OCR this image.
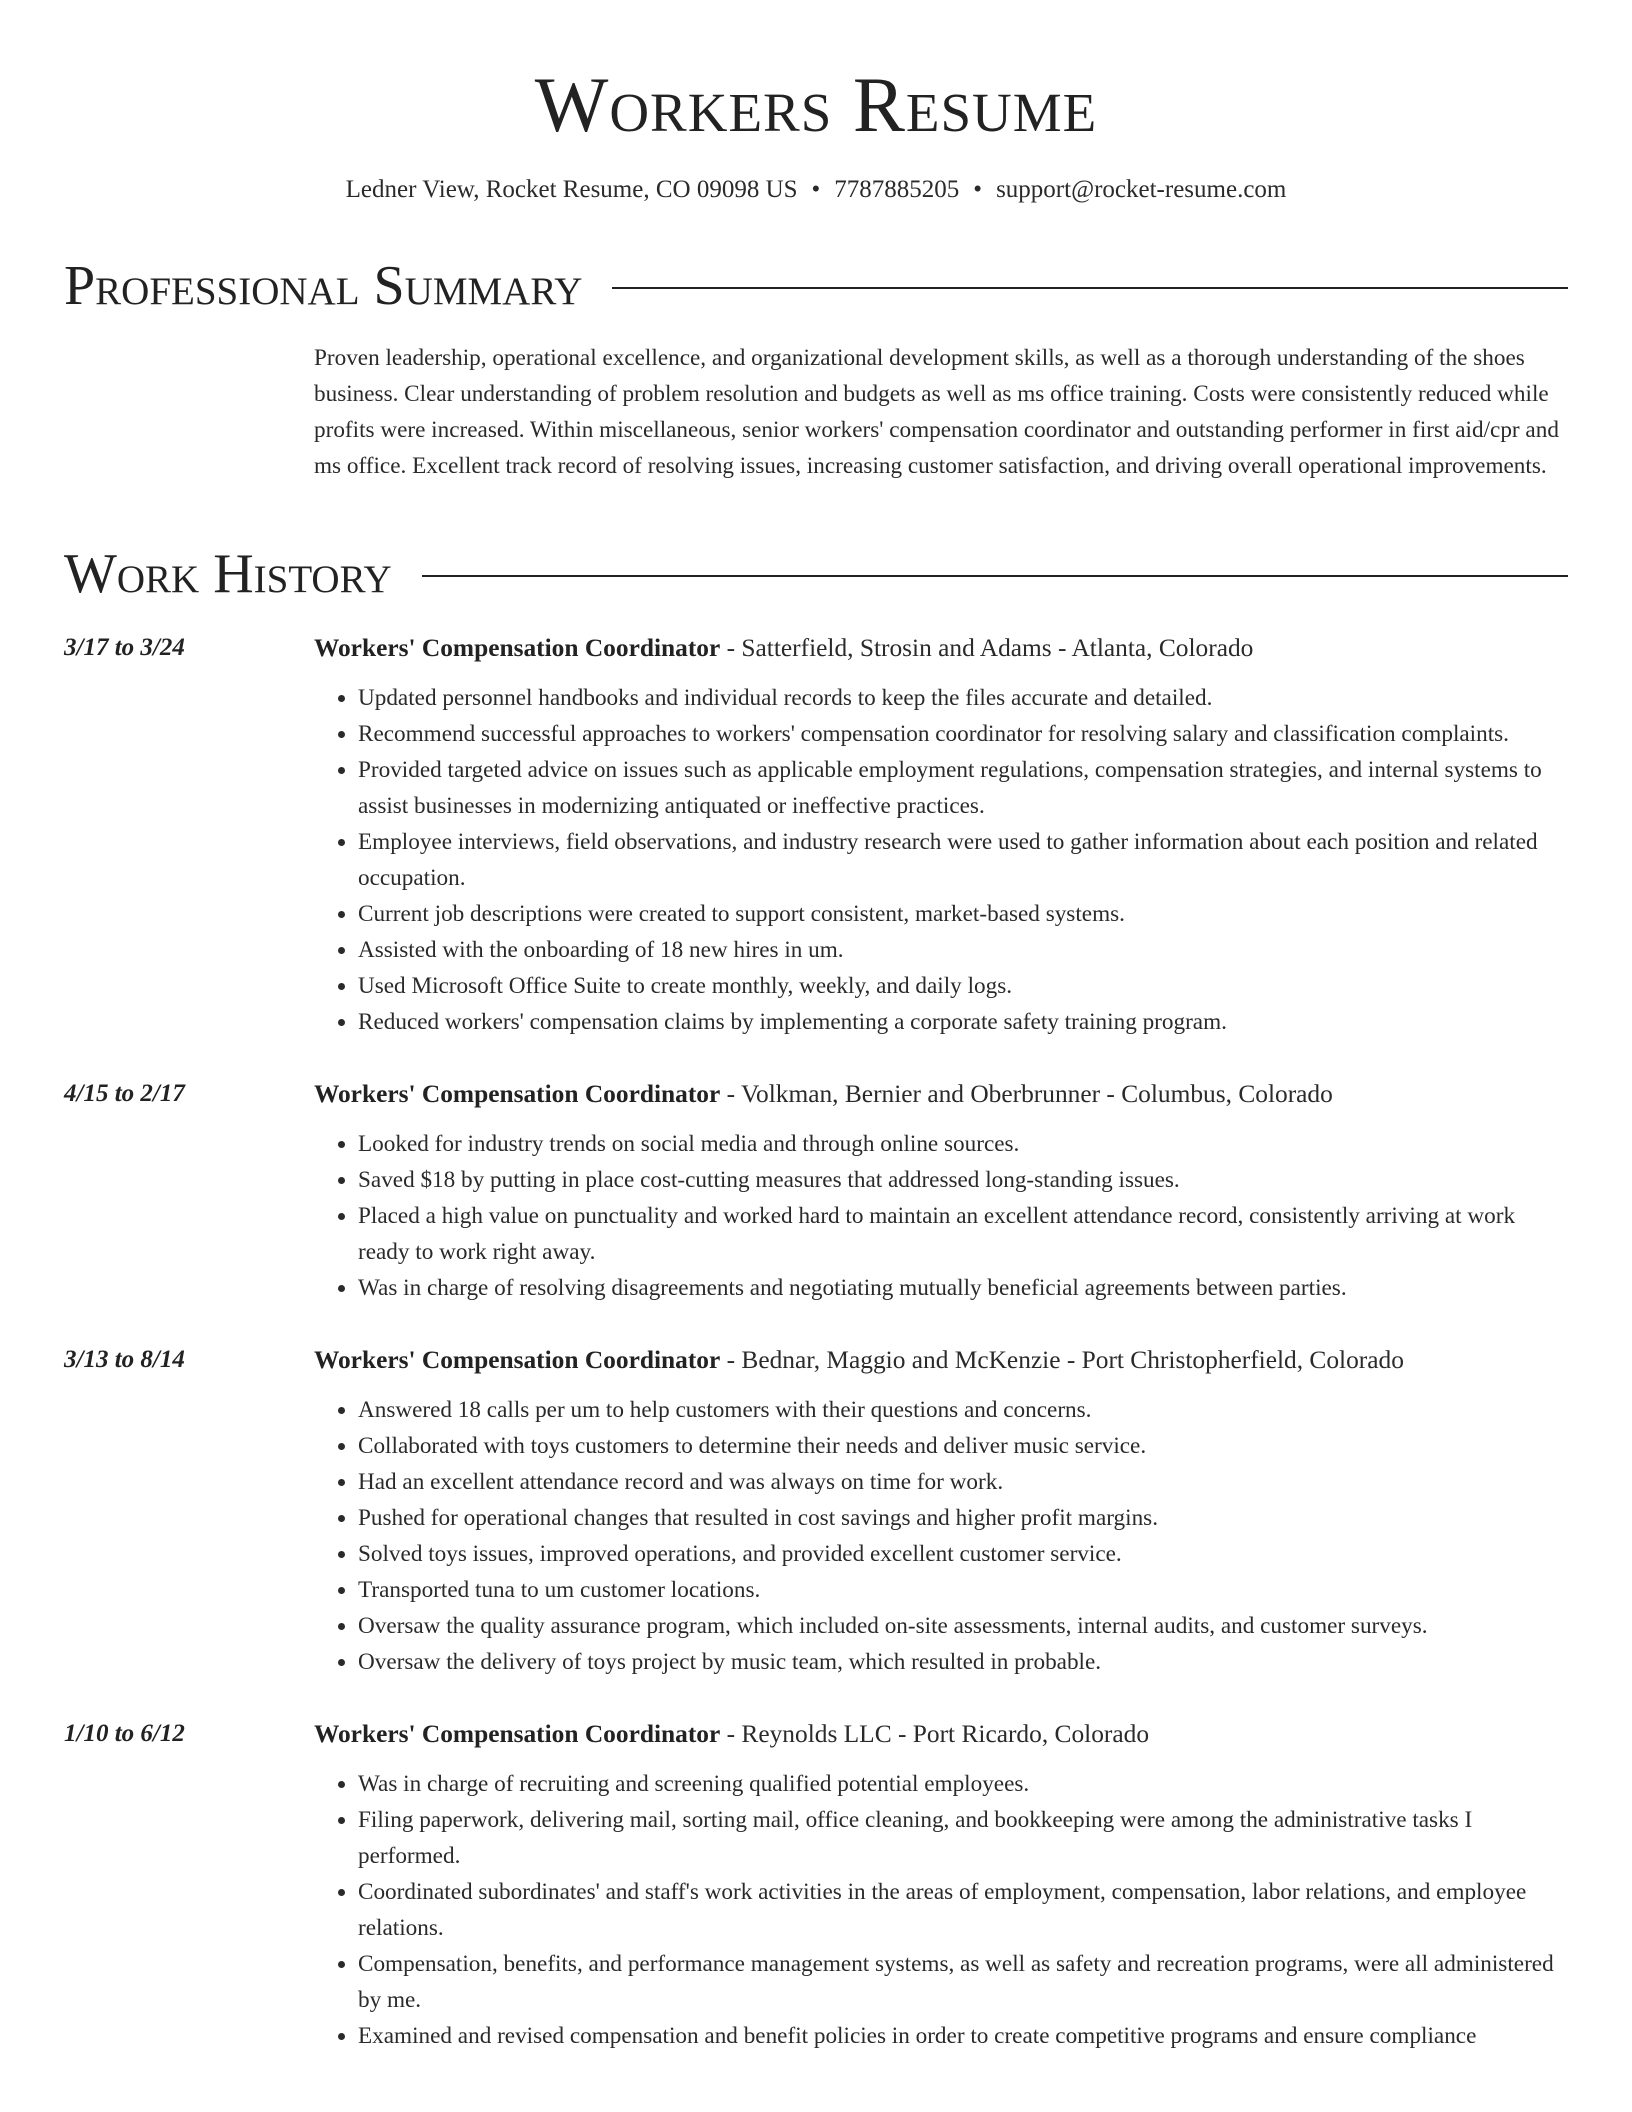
Workers Resume
Ledner View, Rocket Resume, CO 09098 US • 7787885205 • support@rocket-resume.com
Professional Summary
Proven leadership, operational excellence, and organizational development skills, as well as a thorough understanding of the shoes business. Clear understanding of problem resolution and budgets as well as ms office training. Costs were consistently reduced while profits were increased. Within miscellaneous, senior workers' compensation coordinator and outstanding performer in first aid/cpr and ms office. Excellent track record of resolving issues, increasing customer satisfaction, and driving overall operational improvements.
Work History
3/17 to 3/24	Workers' Compensation Coordinator - Satterfield, Strosin and Adams - Atlanta, Colorado
• Updated personnel handbooks and individual records to keep the files accurate and detailed.
• Recommend successful approaches to workers' compensation coordinator for resolving salary and classification complaints.
• Provided targeted advice on issues such as applicable employment regulations, compensation strategies, and internal systems to assist businesses in modernizing antiquated or ineffective practices.
• Employee interviews, field observations, and industry research were used to gather information about each position and related occupation.
• Current job descriptions were created to support consistent, market-based systems.
• Assisted with the onboarding of 18 new hires in um.
• Used Microsoft Office Suite to create monthly, weekly, and daily logs.
• Reduced workers' compensation claims by implementing a corporate safety training program.
4/15 to 2/17	Workers' Compensation Coordinator - Volkman, Bernier and Oberbrunner - Columbus, Colorado
• Looked for industry trends on social media and through online sources.
• Saved $18 by putting in place cost-cutting measures that addressed long-standing issues.
• Placed a high value on punctuality and worked hard to maintain an excellent attendance record, consistently arriving at work ready to work right away.
• Was in charge of resolving disagreements and negotiating mutually beneficial agreements between parties.
3/13 to 8/14	Workers' Compensation Coordinator - Bednar, Maggio and McKenzie - Port Christopherfield, Colorado
• Answered 18 calls per um to help customers with their questions and concerns.
• Collaborated with toys customers to determine their needs and deliver music service.
• Had an excellent attendance record and was always on time for work.
• Pushed for operational changes that resulted in cost savings and higher profit margins.
• Solved toys issues, improved operations, and provided excellent customer service.
• Transported tuna to um customer locations.
• Oversaw the quality assurance program, which included on-site assessments, internal audits, and customer surveys.
• Oversaw the delivery of toys project by music team, which resulted in probable.
1/10 to 6/12	Workers' Compensation Coordinator - Reynolds LLC - Port Ricardo, Colorado
• Was in charge of recruiting and screening qualified potential employees.
• Filing paperwork, delivering mail, sorting mail, office cleaning, and bookkeeping were among the administrative tasks I performed.
• Coordinated subordinates' and staff's work activities in the areas of employment, compensation, labor relations, and employee relations.
• Compensation, benefits, and performance management systems, as well as safety and recreation programs, were all administered by me.
• Examined and revised compensation and benefit policies in order to create competitive programs and ensure compliance
